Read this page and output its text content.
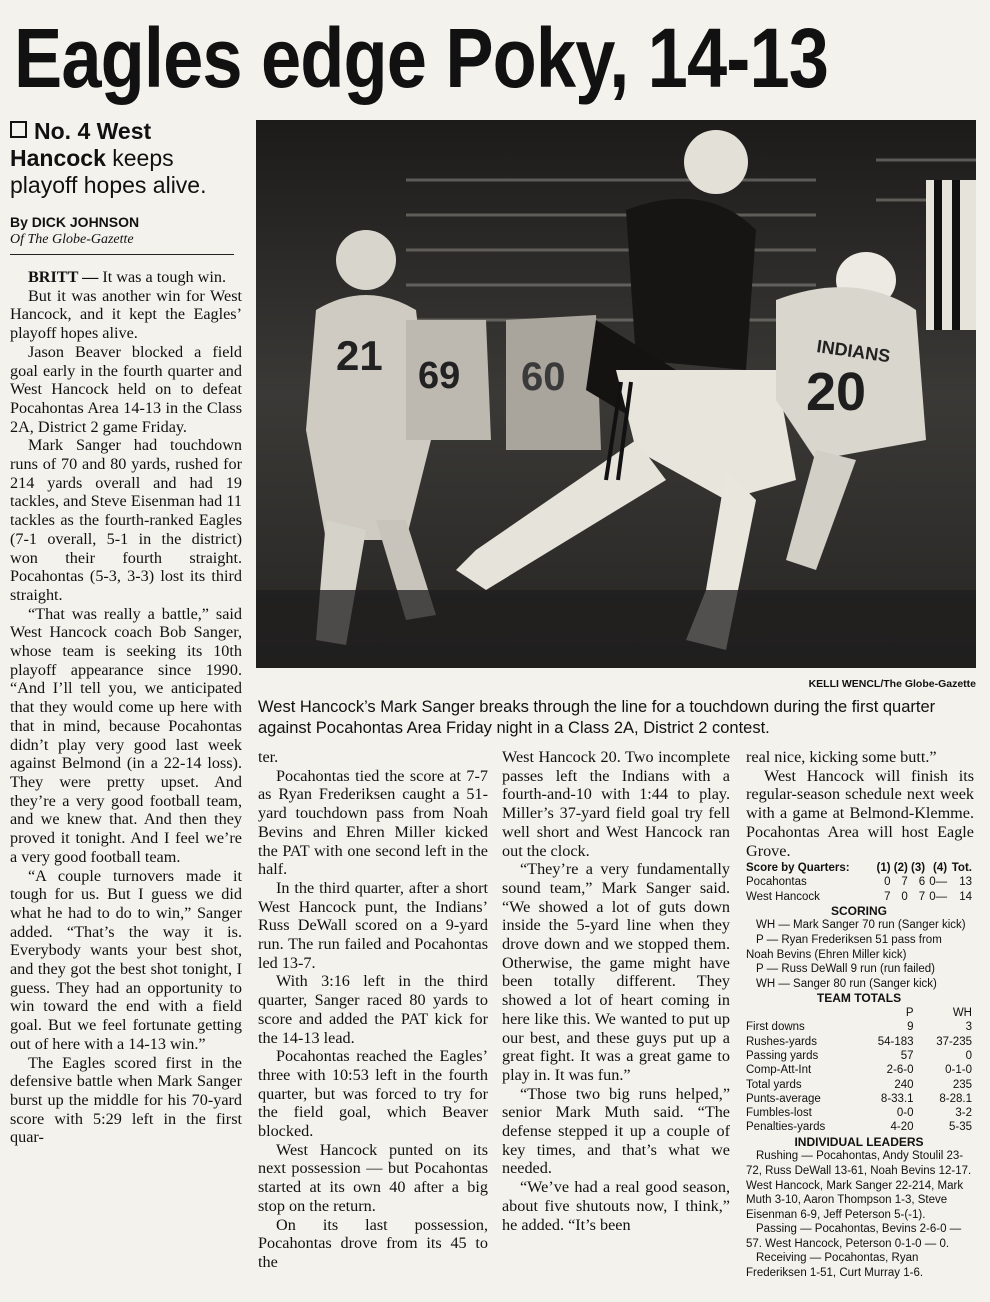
Eagles edge Poky, 14-13
No. 4 West Hancock keeps playoff hopes alive.
By DICK JOHNSON
Of The Globe-Gazette

BRITT — It was a tough win.

But it was another win for West Hancock, and it kept the Eagles’ playoff hopes alive.

Jason Beaver blocked a field goal early in the fourth quarter and West Hancock held on to defeat Pocahontas Area 14-13 in the Class 2A, District 2 game Friday.

Mark Sanger had touchdown runs of 70 and 80 yards, rushed for 214 yards overall and had 19 tackles, and Steve Eisenman had 11 tackles as the fourth-ranked Eagles (7-1 overall, 5-1 in the district) won their fourth straight. Pocahontas (5-3, 3-3) lost its third straight.

“That was really a battle,” said West Hancock coach Bob Sanger, whose team is seeking its 10th playoff appearance since 1990. “And I’ll tell you, we anticipated that they would come up here with that in mind, because Pocahontas didn’t play very good last week against Belmond (in a 22-14 loss). They were pretty upset. And they’re a very good football team, and we knew that. And then they proved it tonight. And I feel we’re a very good football team.

“A couple turnovers made it tough for us. But I guess we did what he had to do to win,” Sanger added. “That’s the way it is. Everybody wants your best shot, and they got the best shot tonight, I guess. They had an opportunity to win toward the end with a field goal. But we feel fortunate getting out of here with a 14-13 win.”

The Eagles scored first in the defensive battle when Mark Sanger burst up the middle for his 70-yard score with 5:29 left in the first quar-

21 69 60	20
INDIANS
KELLI WENCL/The Globe-Gazette
West Hancock’s Mark Sanger breaks through the line for a touchdown during the first quarter against Pocahontas Area Friday night in a Class 2A, District 2 contest.

ter.

Pocahontas tied the score at 7-7 as Ryan Frederiksen caught a 51-yard touchdown pass from Noah Bevins and Ehren Miller kicked the PAT with one second left in the half.

In the third quarter, after a short West Hancock punt, the Indians’ Russ DeWall scored on a 9-yard run. The run failed and Pocahontas led 13-7.

With 3:16 left in the third quarter, Sanger raced 80 yards to score and added the PAT kick for the 14-13 lead.

Pocahontas reached the Eagles’ three with 10:53 left in the fourth quarter, but was forced to try for the field goal, which Beaver blocked.

West Hancock punted on its next possession — but Pocahontas started at its own 40 after a big stop on the return.

On its last possession, Pocahontas drove from its 45 to the

West Hancock 20. Two incomplete passes left the Indians with a fourth-and-10 with 1:44 to play. Miller’s 37-yard field goal try fell well short and West Hancock ran out the clock.

“They’re a very fundamentally sound team,” Mark Sanger said. “We showed a lot of guts down inside the 5-yard line when they drove down and we stopped them. Otherwise, the game might have been totally different. They showed a lot of heart coming in here like this. We wanted to put up our best, and these guys put up a great fight. It was a great game to play in. It was fun.”

“Those two big runs helped,” senior Mark Muth said. “The defense stepped it up a couple of key times, and that’s what we needed.

“We’ve had a real good season, about five shutouts now, I think,” he added. “It’s been

real nice, kicking some butt.”

West Hancock will finish its regular-season schedule next week with a game at Belmond-Klemme. Pocahontas Area will host Eagle Grove.

Score by Quarters:	(1)	(2)	(3)	(4)	Tot.
Pocahontas	0	7	6	0—	13
West Hancock	7	0	7	0—	14
SCORING
WH — Mark Sanger 70 run (Sanger kick)
P — Ryan Frederiksen 51 pass from
Noah Bevins (Ehren Miller kick)
P — Russ DeWall 9 run (run failed)
WH — Sanger 80 run (Sanger kick)
TEAM TOTALS
	P	WH
First downs	9	3
Rushes-yards	54-183	37-235
Passing yards	57	0
Comp-Att-Int	2-6-0	0-1-0
Total yards	240	235
Punts-average	8-33.1	8-28.1
Fumbles-lost	0-0	3-2
Penalties-yards	4-20	5-35
INDIVIDUAL LEADERS

Rushing — Pocahontas, Andy Stoulil 23-72, Russ DeWall 13-61, Noah Bevins 12-17. West Hancock, Mark Sanger 22-214, Mark Muth 3-10, Aaron Thompson 1-3, Steve Eisenman 6-9, Jeff Peterson 5-(-1).

Passing — Pocahontas, Bevins 2-6-0 — 57. West Hancock, Peterson 0-1-0 — 0.

Receiving — Pocahontas, Ryan Frederiksen 1-51, Curt Murray 1-6.
